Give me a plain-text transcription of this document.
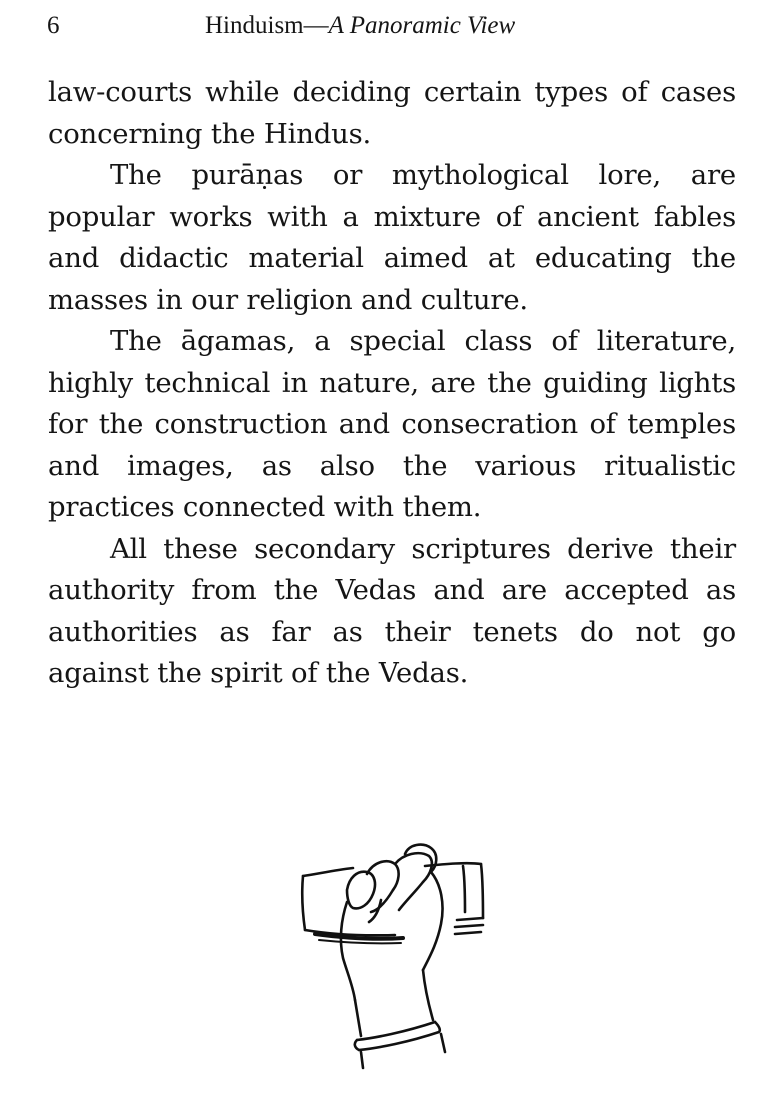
6	Hinduism—A Panoramic View

law-courts while deciding certain types of cases concerning the Hindus.

The purāṇas or mythological lore, are popular works with a mixture of ancient fables and didactic material aimed at educating the masses in our religion and culture.

The āgamas, a special class of literature, highly technical in nature, are the guiding lights for the construction and consecration of temples and images, as also the various ritualistic practices connected with them.

All these secondary scriptures derive their authority from the Vedas and are accepted as authorities as far as their tenets do not go against the spirit of the Vedas.
